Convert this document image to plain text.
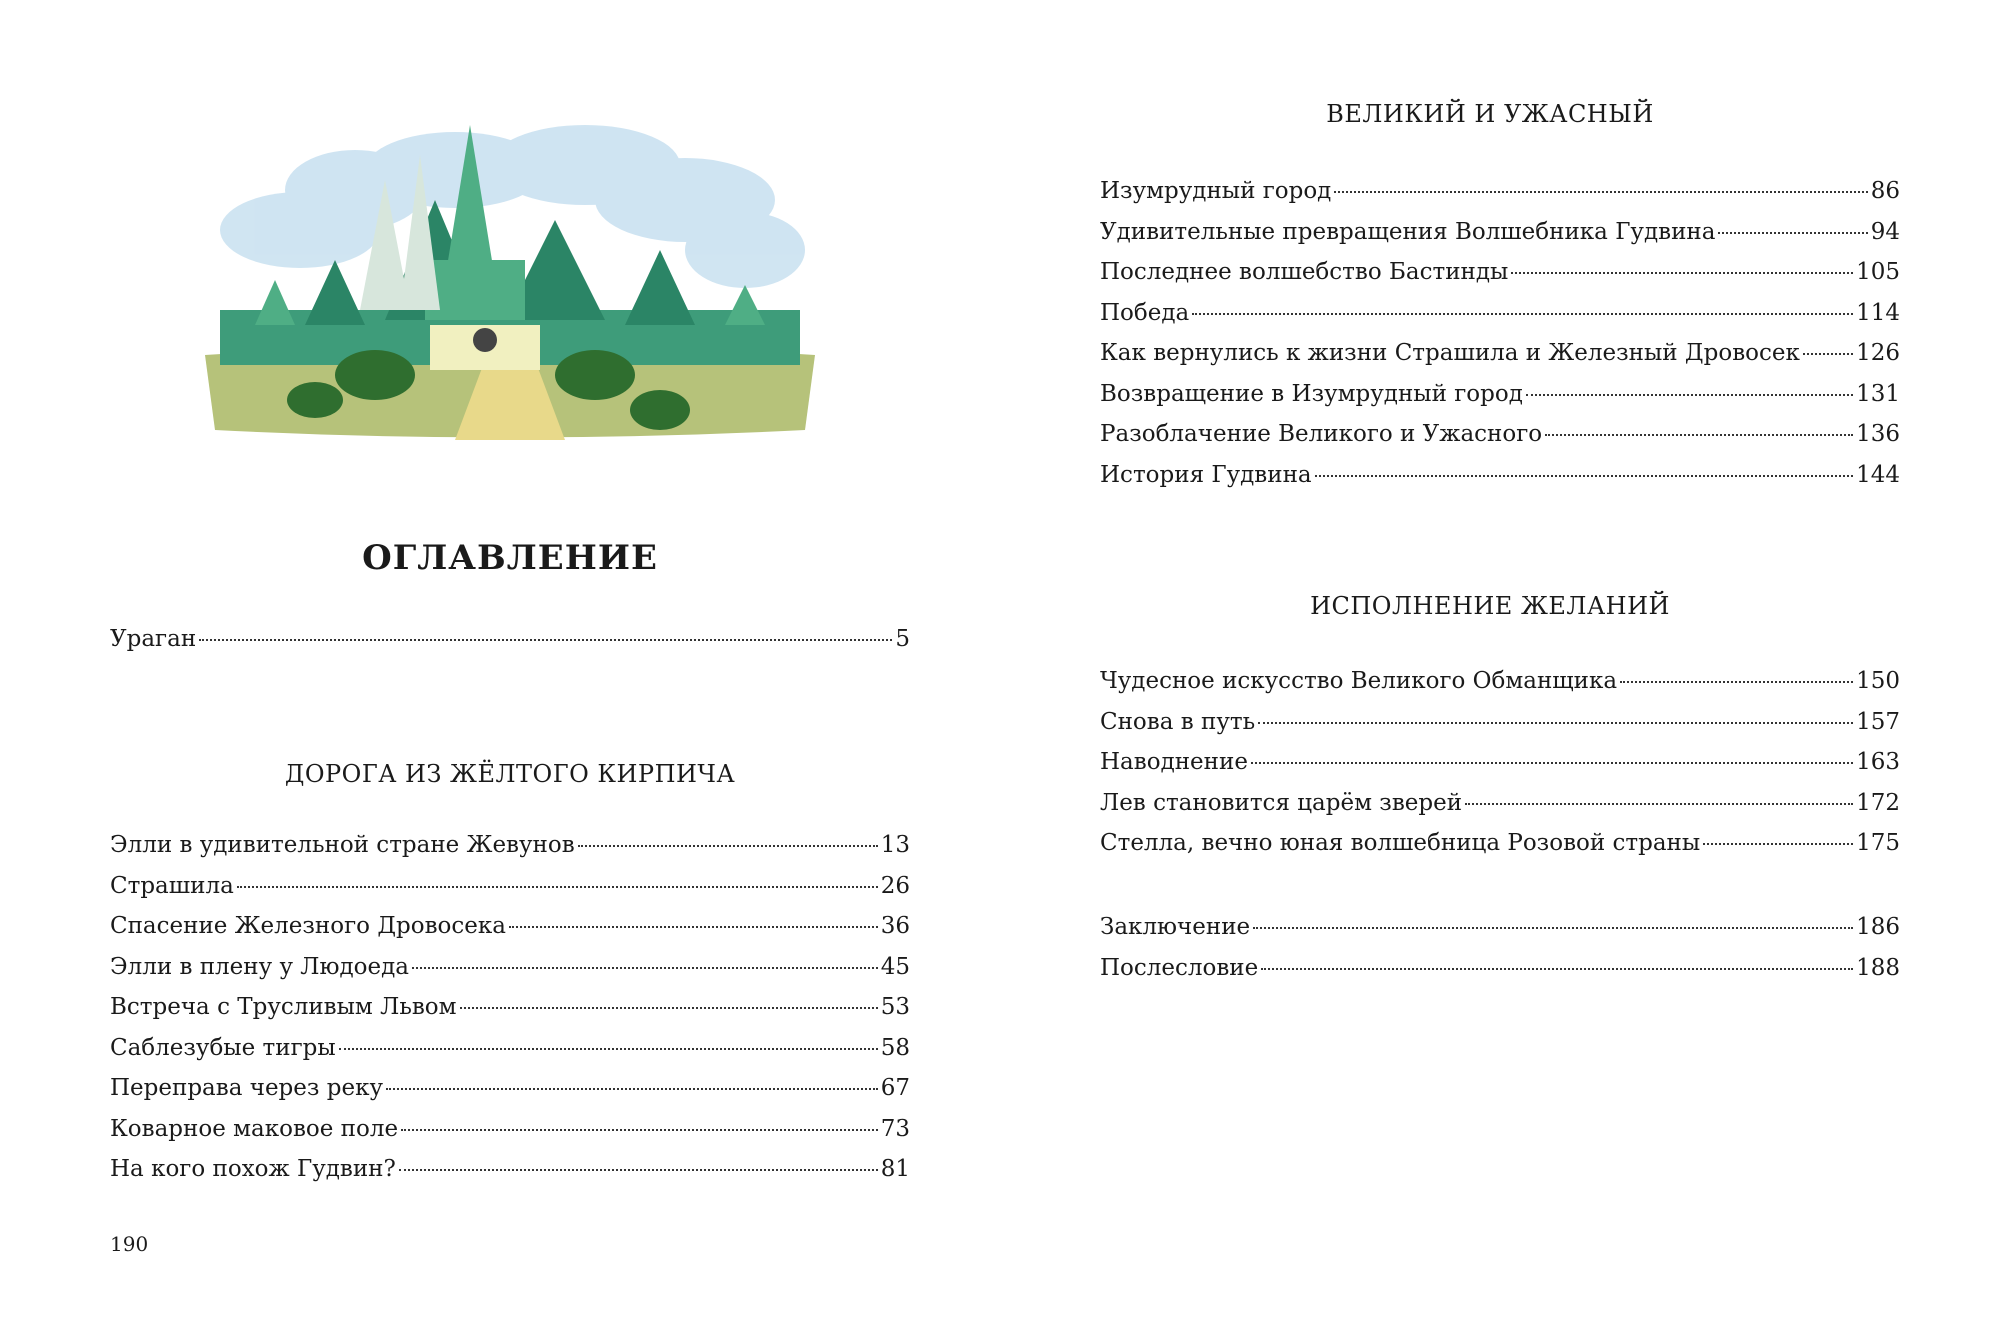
ОГЛАВЛЕНИЕ
Ураган	5
ДОРОГА ИЗ ЖЁЛТОГО КИРПИЧА
Элли в удивительной стране Жевунов	13
Страшила	26
Спасение Железного Дровосека	36
Элли в плену у Людоеда	45
Встреча с Трусливым Львом	53
Саблезубые тигры	58
Переправа через реку	67
Коварное маковое поле	73
На кого похож Гудвин?	81
190
ВЕЛИКИЙ И УЖАСНЫЙ
Изумрудный город	86
Удивительные превращения Волшебника Гудвина	94
Последнее волшебство Бастинды	105
Победа	114
Как вернулись к жизни Страшила и Железный Дровосек 126
Возвращение в Изумрудный город	131
Разоблачение Великого и Ужасного	136
История Гудвина	144
ИСПОЛНЕНИЕ ЖЕЛАНИЙ
Чудесное искусство Великого Обманщика	150
Снова в путь	157
Наводнение	163
Лев становится царём зверей	172
Стелла, вечно юная волшебница Розовой страны	175
Заключение	186
Послесловие	188
